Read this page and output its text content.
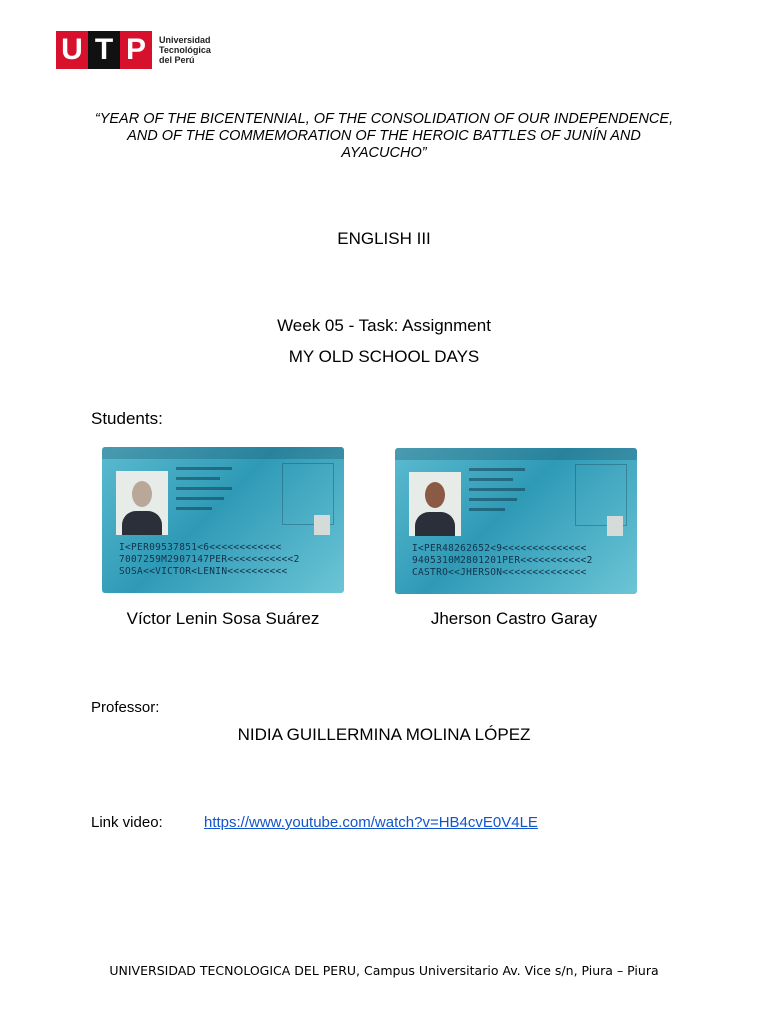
U T P	Universidad
Tecnológica
del Perú
“YEAR OF THE BICENTENNIAL, OF THE CONSOLIDATION OF OUR INDEPENDENCE, AND OF THE COMMEMORATION OF THE HEROIC BATTLES OF JUNÍN AND AYACUCHO”
ENGLISH III
Week 05 - Task: Assignment
MY OLD SCHOOL DAYS
Students:
I<PER09537851<6<<<<<<<<<<<<
7007259M2907147PER<<<<<<<<<<<2
SOSA<<VICTOR<LENIN<<<<<<<<<<
I<PER48262652<9<<<<<<<<<<<<<<
9405310M2801201PER<<<<<<<<<<<2
CASTRO<<JHERSON<<<<<<<<<<<<<<
Víctor Lenin Sosa Suárez	Jherson Castro Garay
Professor:
NIDIA GUILLERMINA MOLINA LÓPEZ
Link video:	https://www.youtube.com/watch?v=HB4cvE0V4LE
UNIVERSIDAD TECNOLOGICA DEL PERU, Campus Universitario Av. Vice s/n, Piura – Piura
